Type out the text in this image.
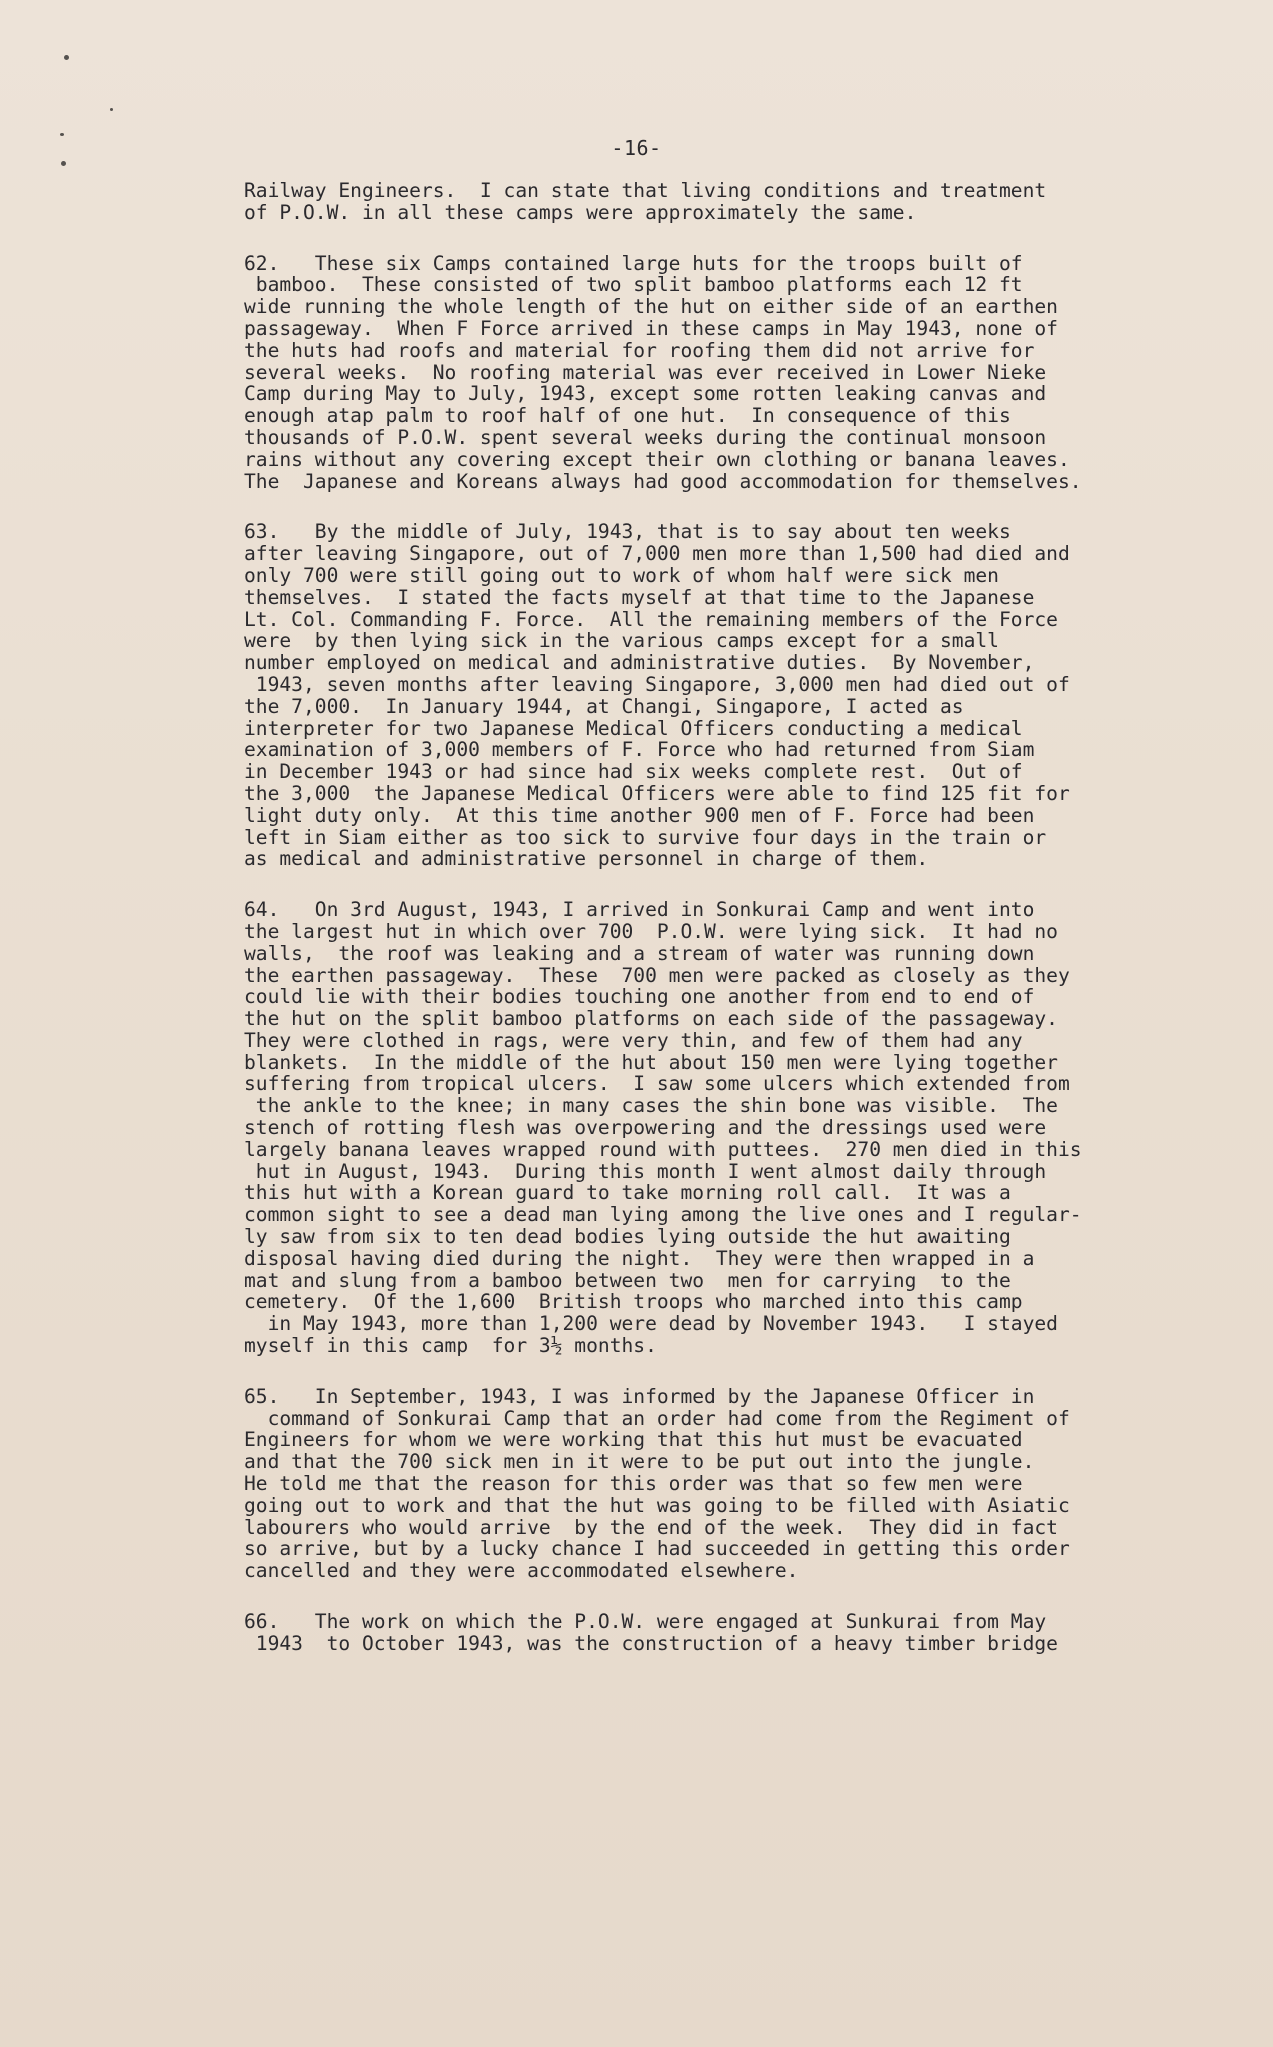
-16-
Railway Engineers.  I can state that living conditions and treatment
of P.O.W. in all these camps were approximately the same.
62.   These six Camps contained large huts for the troops built of
bamboo.  These consisted of two split bamboo platforms each 12 ft
wide running the whole length of the hut on either side of an earthen
passageway.  When F Force arrived in these camps in May 1943, none of
the huts had roofs and material for roofing them did not arrive for
several weeks.  No roofing material was ever received in Lower Nieke
Camp during May to July, 1943, except some rotten leaking canvas and
enough atap palm to roof half of one hut.  In consequence of this
thousands of P.O.W. spent several weeks during the continual monsoon
rains without any covering except their own clothing or banana leaves.
The  Japanese and Koreans always had good accommodation for themselves.
63.   By the middle of July, 1943, that is to say about ten weeks
after leaving Singapore, out of 7,000 men more than 1,500 had died and
only 700 were still going out to work of whom half were sick men
themselves.  I stated the facts myself at that time to the Japanese
Lt. Col. Commanding F. Force.  All the remaining members of the Force
were  by then lying sick in the various camps except for a small
number employed on medical and administrative duties.  By November,
1943, seven months after leaving Singapore, 3,000 men had died out of
the 7,000.  In January 1944, at Changi, Singapore, I acted as
interpreter for two Japanese Medical Officers conducting a medical
examination of 3,000 members of F. Force who had returned from Siam
in December 1943 or had since had six weeks complete rest.  Out of
the 3,000  the Japanese Medical Officers were able to find 125 fit for
light duty only.  At this time another 900 men of F. Force had been
left in Siam either as too sick to survive four days in the train or
as medical and administrative personnel in charge of them.
64.   On 3rd August, 1943, I arrived in Sonkurai Camp and went into
the largest hut in which over 700  P.O.W. were lying sick.  It had no
walls,  the roof was leaking and a stream of water was running down
the earthen passageway.  These  700 men were packed as closely as they
could lie with their bodies touching one another from end to end of
the hut on the split bamboo platforms on each side of the passageway.
They were clothed in rags, were very thin, and few of them had any
blankets.  In the middle of the hut about 150 men were lying together
suffering from tropical ulcers.  I saw some ulcers which extended from
the ankle to the knee; in many cases the shin bone was visible.  The
stench of rotting flesh was overpowering and the dressings used were
largely banana leaves wrapped round with puttees.  270 men died in this
hut in August, 1943.  During this month I went almost daily through
this hut with a Korean guard to take morning roll call.  It was a
common sight to see a dead man lying among the live ones and I regular-
ly saw from six to ten dead bodies lying outside the hut awaiting
disposal having died during the night.  They were then wrapped in a
mat and slung from a bamboo between two  men for carrying  to the
cemetery.  Of the 1,600  British troops who marched into this camp
in May 1943, more than 1,200 were dead by November 1943.   I stayed
myself in this camp  for 3½ months.
65.   In September, 1943, I was informed by the Japanese Officer in
command of Sonkurai Camp that an order had come from the Regiment of
Engineers for whom we were working that this hut must be evacuated
and that the 700 sick men in it were to be put out into the jungle.
He told me that the reason for this order was that so few men were
going out to work and that the hut was going to be filled with Asiatic
labourers who would arrive  by the end of the week.  They did in fact
so arrive, but by a lucky chance I had succeeded in getting this order
cancelled and they were accommodated elsewhere.
66.   The work on which the P.O.W. were engaged at Sunkurai from May
1943  to October 1943, was the construction of a heavy timber bridge
